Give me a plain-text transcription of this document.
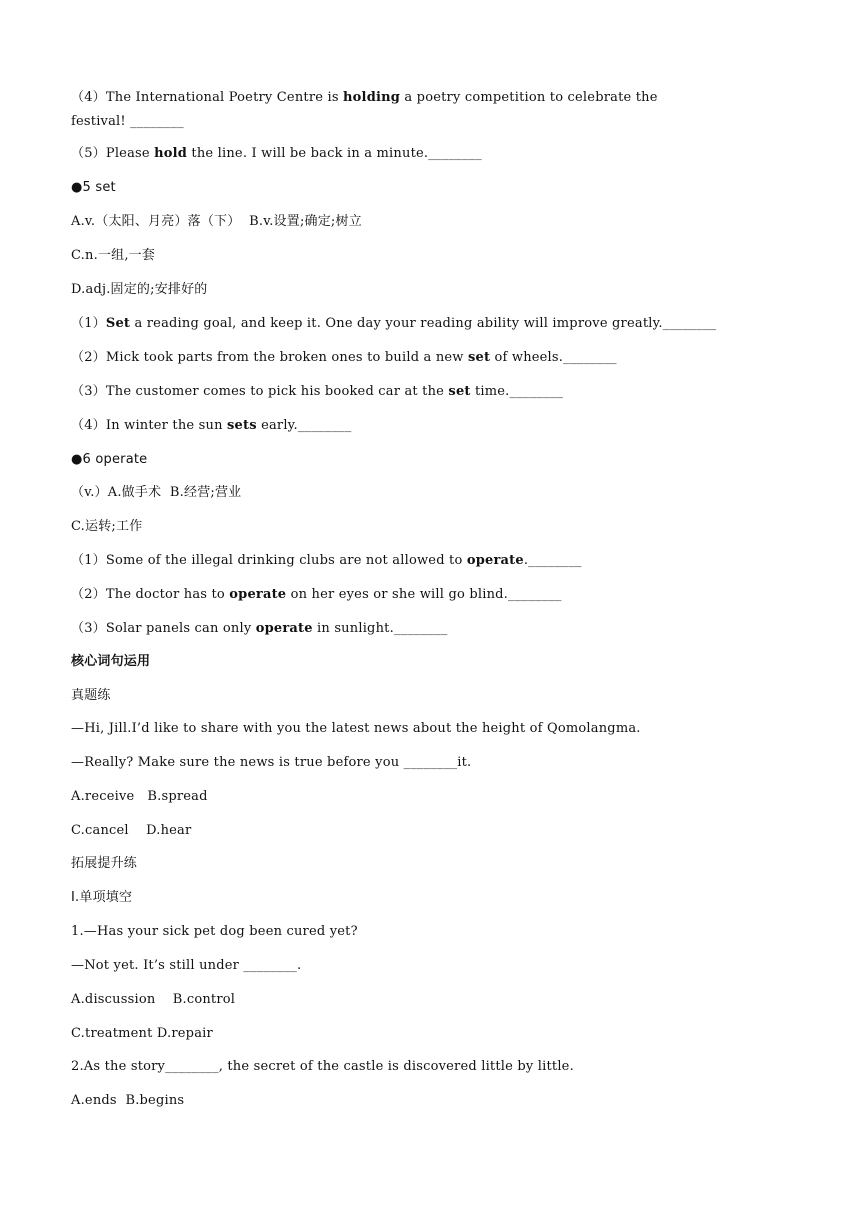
（4）The International Poetry Centre is holding a poetry competition to celebrate the
festival! ________
（5）Please hold the line. I will be back in a minute.________
●5 set
A.v.（太阳、月亮）落（下）  B.v.设置;确定;树立
C.n.一组,一套
D.adj.固定的;安排好的
（1）Set a reading goal, and keep it. One day your reading ability will improve greatly.________
（2）Mick took parts from the broken ones to build a new set of wheels.________
（3）The customer comes to pick his booked car at the set time.________
（4）In winter the sun sets early.________
●6 operate
（v.）A.做手术  B.经营;营业
C.运转;工作
（1）Some of the illegal drinking clubs are not allowed to operate.________
（2）The doctor has to operate on her eyes or she will go blind.________
（3）Solar panels can only operate in sunlight.________
核心词句运用
真题练
—Hi, Jill.I’d like to share with you the latest news about the height of Qomolangma.
—Really? Make sure the news is true before you ________it.
A.receive   B.spread
C.cancel    D.hear
拓展提升练
Ⅰ.单项填空
1.—Has your sick pet dog been cured yet?
—Not yet. It’s still under ________.
A.discussion    B.control
C.treatment D.repair
2.As the story________, the secret of the castle is discovered little by little.
A.ends  B.begins
